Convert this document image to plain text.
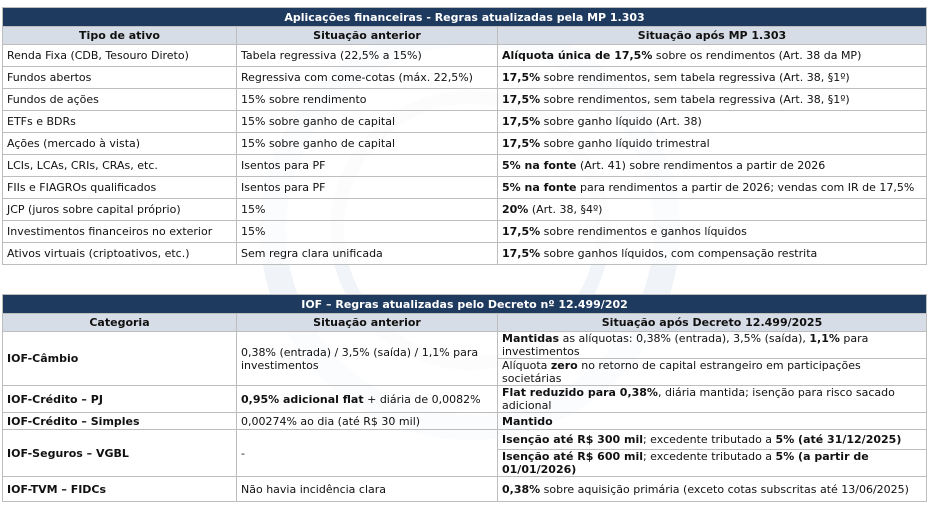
Aplicações financeiras - Regras atualizadas pela MP 1.303		
Tipo de ativo	Situação anterior	Situação após MP 1.303
Renda Fixa (CDB, Tesouro Direto)	Tabela regressiva (22,5% a 15%)	Alíquota única de 17,5% sobre os rendimentos (Art. 38 da MP)
Fundos abertos	Regressiva com come-cotas (máx. 22,5%)	17,5% sobre rendimentos, sem tabela regressiva (Art. 38, §1º)
Fundos de ações	15% sobre rendimento	17,5% sobre rendimentos, sem tabela regressiva (Art. 38, §1º)
ETFs e BDRs	15% sobre ganho de capital	17,5% sobre ganho líquido (Art. 38)
Ações (mercado à vista)	15% sobre ganho de capital	17,5% sobre ganho líquido trimestral
LCIs, LCAs, CRIs, CRAs, etc.	Isentos para PF	5% na fonte (Art. 41) sobre rendimentos a partir de 2026
FIIs e FIAGROs qualificados	Isentos para PF	5% na fonte para rendimentos a partir de 2026; vendas com IR de 17,5%
JCP (juros sobre capital próprio)	15%	20% (Art. 38, §4º)
Investimentos financeiros no exterior	15%	17,5% sobre rendimentos e ganhos líquidos
Ativos virtuais (criptoativos, etc.)	Sem regra clara unificada	17,5% sobre ganhos líquidos, com compensação restrita
IOF – Regras atualizadas pelo Decreto nº 12.499/202		
Categoria	Situação anterior	Situação após Decreto 12.499/2025
IOF-Câmbio	0,38% (entrada) / 3,5% (saída) / 1,1% para investimentos	Mantidas as alíquotas: 0,38% (entrada), 3,5% (saída), 1,1% para investimentos
		Alíquota zero no retorno de capital estrangeiro em participações societárias
IOF-Crédito – PJ	0,95% adicional flat + diária de 0,0082%	Flat reduzido para 0,38%, diária mantida; isenção para risco sacado adicional
IOF-Crédito – Simples	0,00274% ao dia (até R$ 30 mil)	Mantido
IOF-Seguros – VGBL	-	Isenção até R$ 300 mil; excedente tributado a 5% (até 31/12/2025)
		Isenção até R$ 600 mil; excedente tributado a 5% (a partir de 01/01/2026)
IOF-TVM – FIDCs	Não havia incidência clara	0,38% sobre aquisição primária (exceto cotas subscritas até 13/06/2025)
